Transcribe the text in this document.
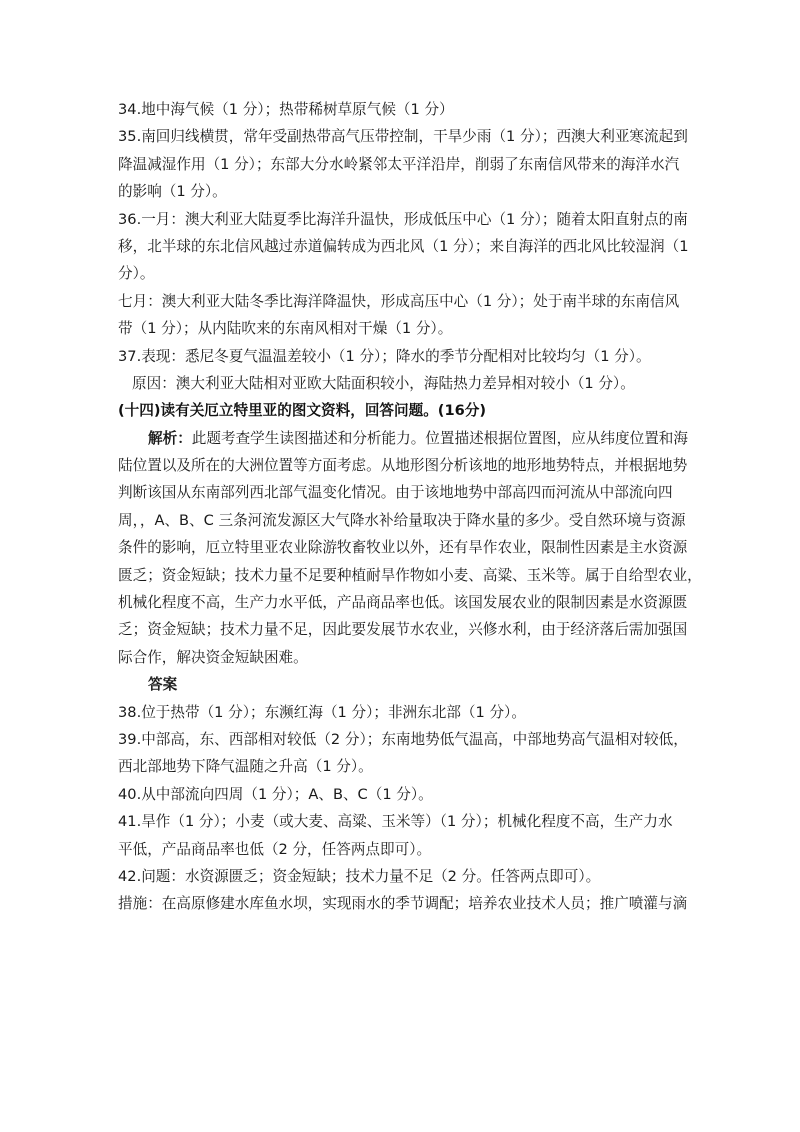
34.地中海气候（1 分）；热带稀树草原气候（1 分）
35.南回归线横贯，常年受副热带高气压带控制，干旱少雨（1 分）；西澳大利亚寒流起到
降温减湿作用（1 分）；东部大分水岭紧邻太平洋沿岸，削弱了东南信风带来的海洋水汽
的影响（1 分）。
36.一月：澳大利亚大陆夏季比海洋升温快，形成低压中心（1 分）；随着太阳直射点的南
移，北半球的东北信风越过赤道偏转成为西北风（1 分）；来自海洋的西北风比较湿润（1
分）。
七月：澳大利亚大陆冬季比海洋降温快，形成高压中心（1 分）；处于南半球的东南信风
带（1 分）；从内陆吹来的东南风相对干燥（1 分）。
37.表现：悉尼冬夏气温温差较小（1 分）；降水的季节分配相对比较均匀（1 分）。
原因：澳大利亚大陆相对亚欧大陆面积较小，海陆热力差异相对较小（1 分）。
(十四)读有关厄立特里亚的图文资料，回答问题。(16分)
解析：此题考查学生读图描述和分析能力。位置描述根据位置图，应从纬度位置和海
陆位置以及所在的大洲位置等方面考虑。从地形图分析该地的地形地势特点，并根据地势
判断该国从东南部列西北部气温变化情况。由于该地地势中部高四而河流从中部流向四
周，，A、B、C 三条河流发源区大气降水补给量取决于降水量的多少。受自然环境与资源
条件的影响，厄立特里亚农业除游牧畜牧业以外，还有旱作农业，限制性因素是主水资源
匮乏；资金短缺；技术力量不足要种植耐旱作物如小麦、高粱、玉米等。属于自给型农业，
机械化程度不高，生产力水平低，产品商品率也低。该国发展农业的限制因素是水资源匮
乏；资金短缺；技术力量不足，因此要发展节水农业，兴修水利，由于经济落后需加强国
际合作，解决资金短缺困难。
答案
38.位于热带（1 分）；东濒红海（1 分）；非洲东北部（1 分）。
39.中部高，东、西部相对较低（2 分）；东南地势低气温高，中部地势高气温相对较低，
西北部地势下降气温随之升高（1 分）。
40.从中部流向四周（1 分）；A、B、C（1 分）。
41.旱作（1 分）；小麦（或大麦、高粱、玉米等）（1 分）；机械化程度不高，生产力水
平低，产品商品率也低（2 分，任答两点即可）。
42.问题：水资源匮乏；资金短缺；技术力量不足（2 分。任答两点即可）。
措施：在高原修建水库鱼水坝，实现雨水的季节调配；培养农业技术人员；推广喷灌与滴
